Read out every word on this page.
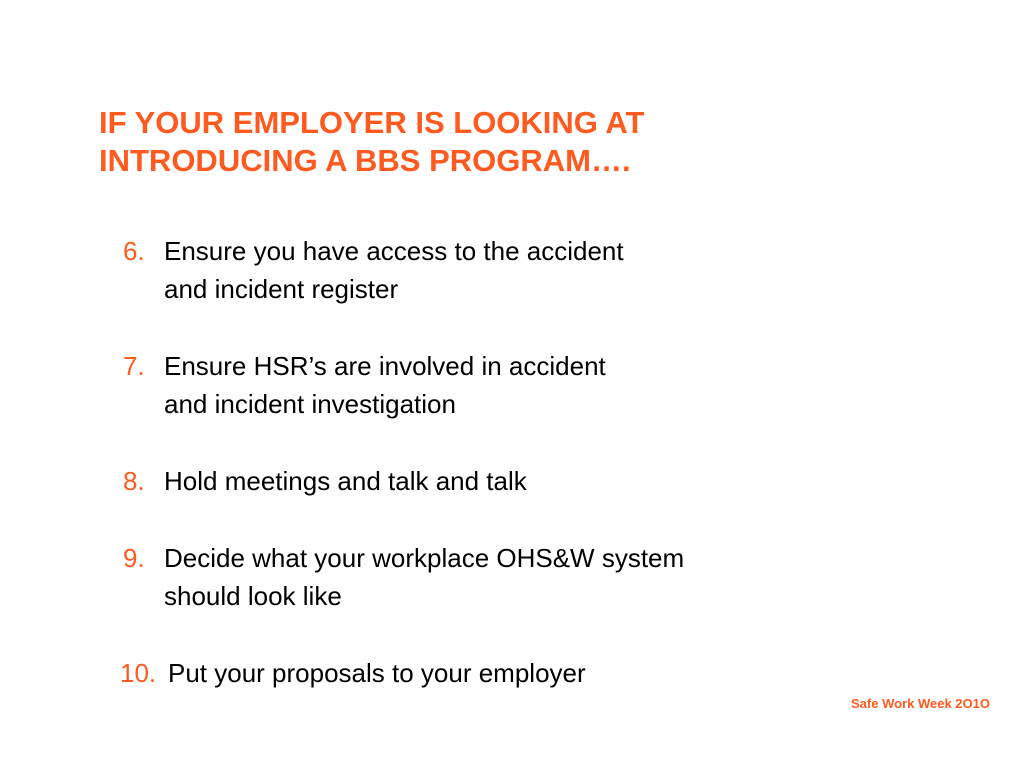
IF YOUR EMPLOYER IS LOOKING AT
INTRODUCING A BBS PROGRAM….
6. Ensure you have access to the accident
and incident register
7. Ensure HSR’s are involved in accident
and incident investigation
8. Hold meetings and talk and talk
9. Decide what your workplace OHS&W system
should look like
10. Put your proposals to your employer
Safe Work Week 2O1O
